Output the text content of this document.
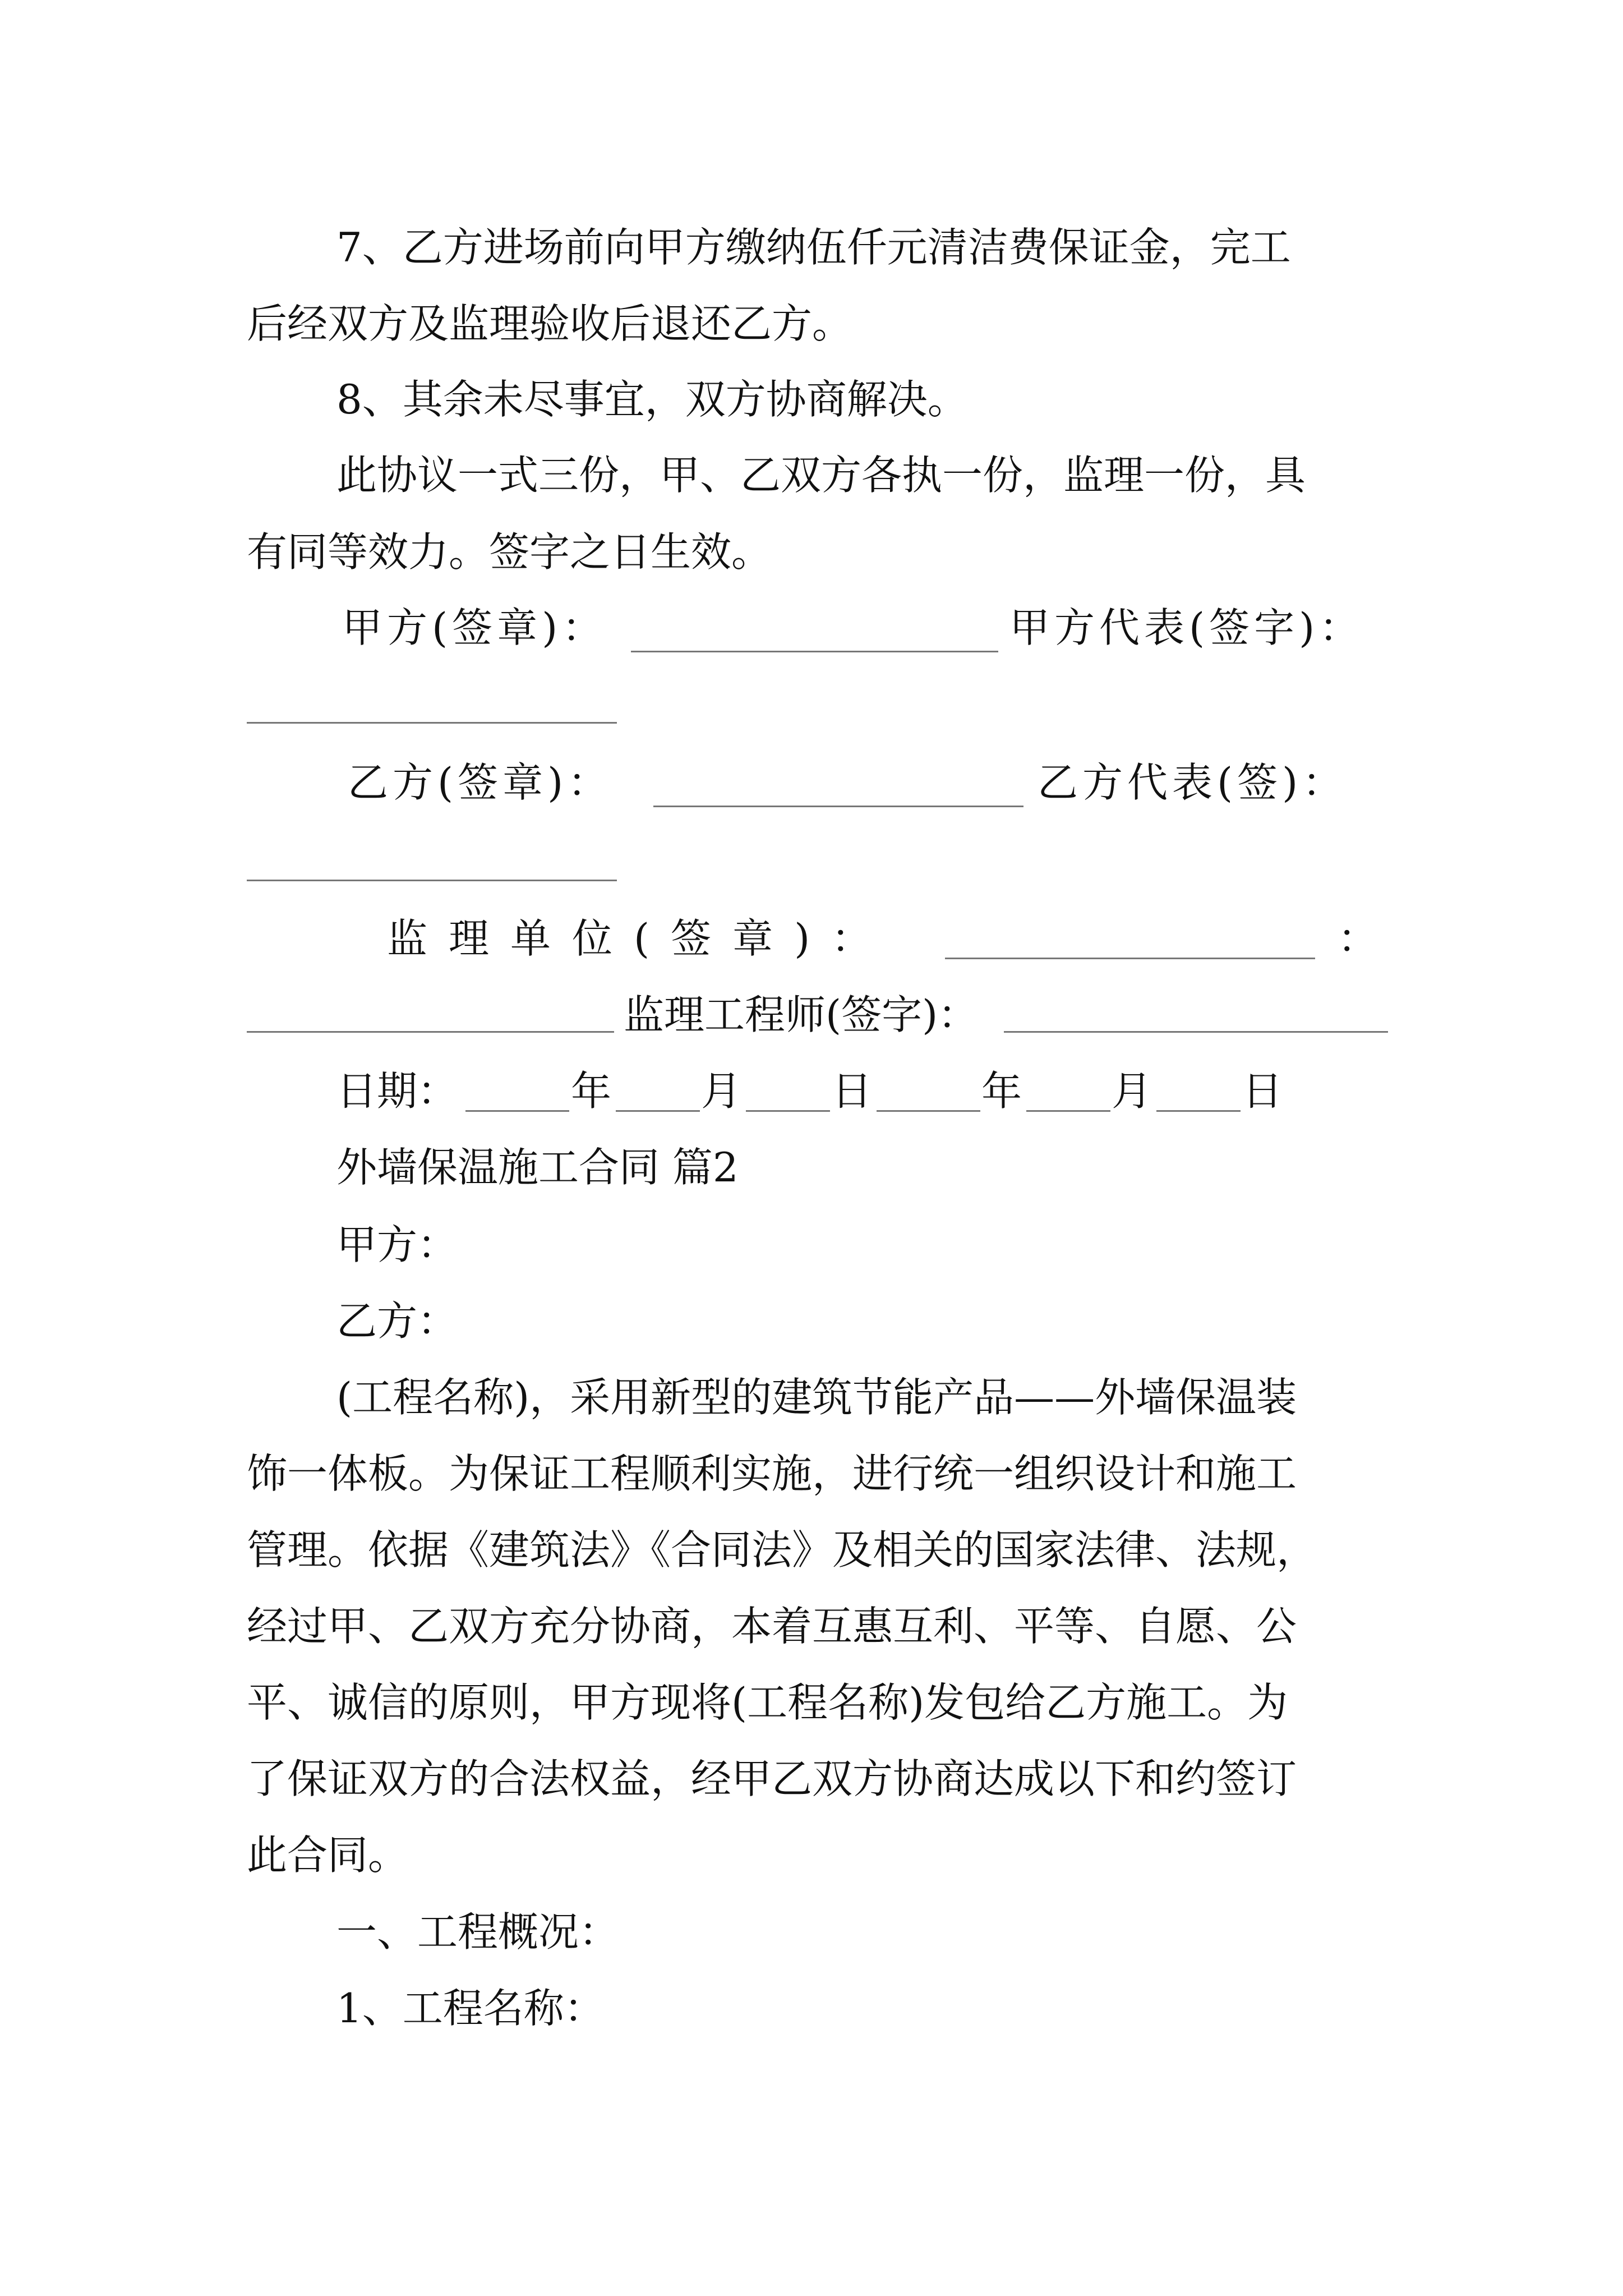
7、乙方进场前向甲方缴纳伍仟元清洁费保证金，完工
后经双方及监理验收后退还乙方。
8、其余未尽事宜，双方协商解决。
此协议一式三份，甲、乙双方各执一份，监理一份，具
有同等效力。签字之日生效。
甲方(签章)：	甲方代表(签字)：
乙方(签章)：	乙方代表(签)：
监理单位(签章)：	：
监理工程师(签字)：
日期：	年 月 日	年 月 日
外墙保温施工合同 篇2
甲方：
乙方：
(工程名称)，采用新型的建筑节能产品——外墙保温装
饰一体板。为保证工程顺利实施，进行统一组织设计和施工
管理。依据《建筑法》《合同法》及相关的国家法律、法规，
经过甲、乙双方充分协商，本着互惠互利、平等、自愿、公
平、诚信的原则，甲方现将(工程名称)发包给乙方施工。为
了保证双方的合法权益，经甲乙双方协商达成以下和约签订
此合同。
一、工程概况：
1、工程名称：
